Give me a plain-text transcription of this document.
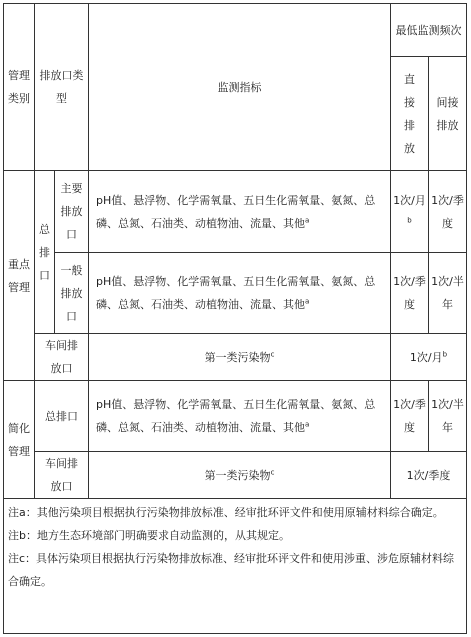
管理类别	排放口类型		监测指标	最低监测频次	
				直接排放	间接排放
重点管理	总排口	主要排放口	pH值、悬浮物、化学需氧量、五日生化需氧量、氨氮、总磷、总氮、石油类、动植物油、流量、其他$^a$	1次/月$^b$	1次/季度
		一般排放口	pH值、悬浮物、化学需氧量、五日生化需氧量、氨氮、总磷、总氮、石油类、动植物油、流量、其他$^a$	1次/季度	1次/半年
	车间排放口		第一类污染物$^c$	1次/月$^b$
简化管理	总排口		pH值、悬浮物、化学需氧量、五日生化需氧量、氨氮、总磷、总氮、石油类、动植物油、流量、其他$^a$	1次/季度	1次/半年
	车间排放口		第一类污染物$^c$	1次/季度	

注a：其他污染项目根据执行污染物排放标准、经审批环评文件和使用原辅材料综合确定。
注b：地方生态环境部门明确要求自动监测的，从其规定。
注c：具体污染项目根据执行污染物排放标准、经审批环评文件和使用涉重、涉危原辅材料综合确定。					
